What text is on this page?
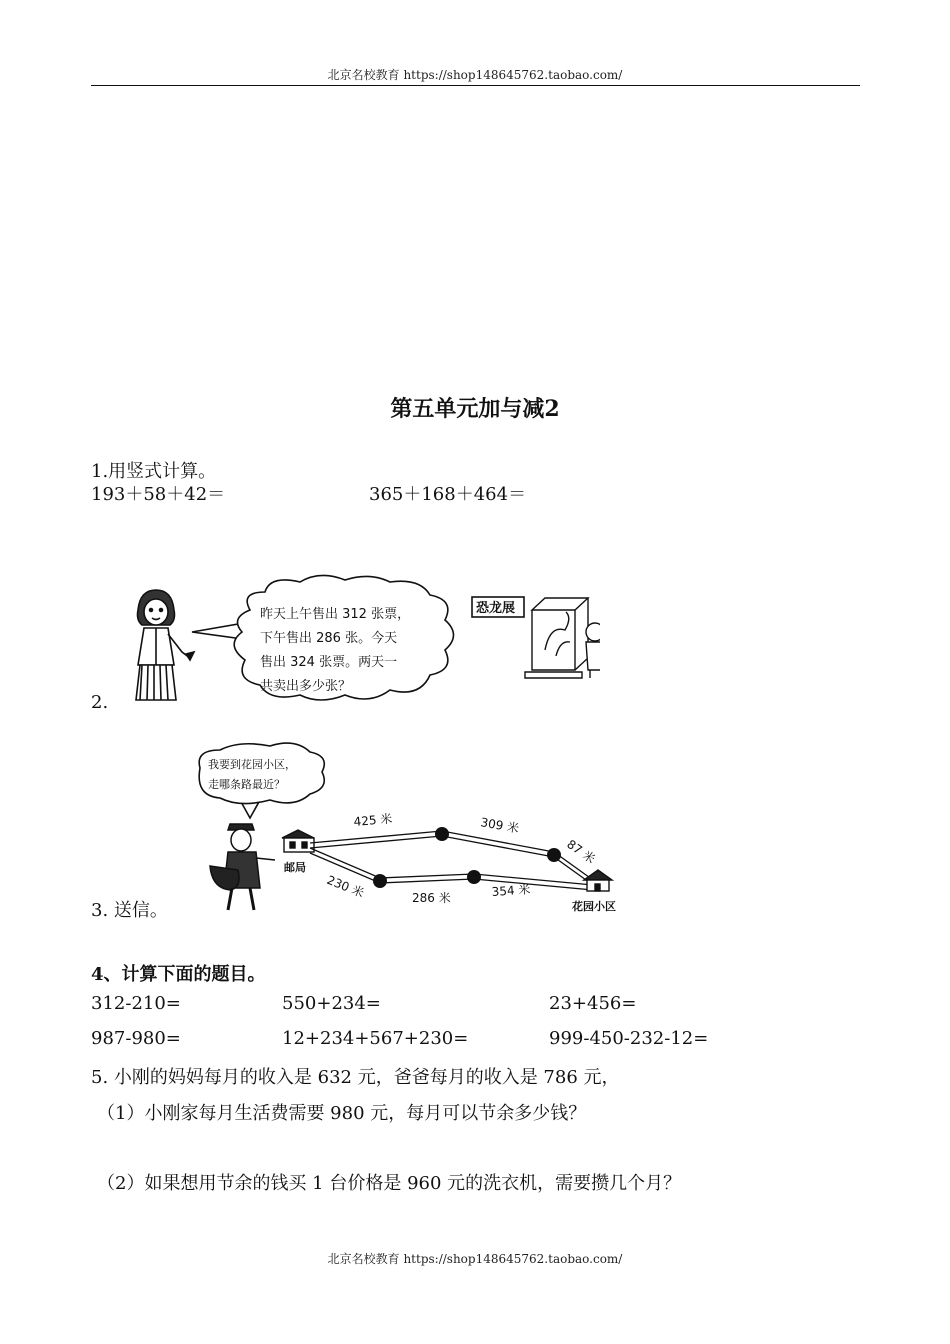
北京名校教育 https://shop148645762.taobao.com/
第五单元加与减2
1.用竖式计算。
193＋58＋42＝	365＋168＋464＝
2.
昨天上午售出 312 张票，
下午售出 286 张。今天
售出 324 张票。两天一
共卖出多少张？
恐龙展
3. 送信。
我要到花园小区，
走哪条路最近？
邮局
花园小区
425 米	309 米
87 米
230 米	286 米	354 米
4、计算下面的题目。
312-210=	550+234=	23+456=
987-980=	12+234+567+230=	999-450-232-12=
5. 小刚的妈妈每月的收入是 632 元，爸爸每月的收入是 786 元，
（1）小刚家每月生活费需要 980 元，每月可以节余多少钱？
（2）如果想用节余的钱买 1 台价格是 960 元的洗衣机，需要攒几个月？
北京名校教育 https://shop148645762.taobao.com/
